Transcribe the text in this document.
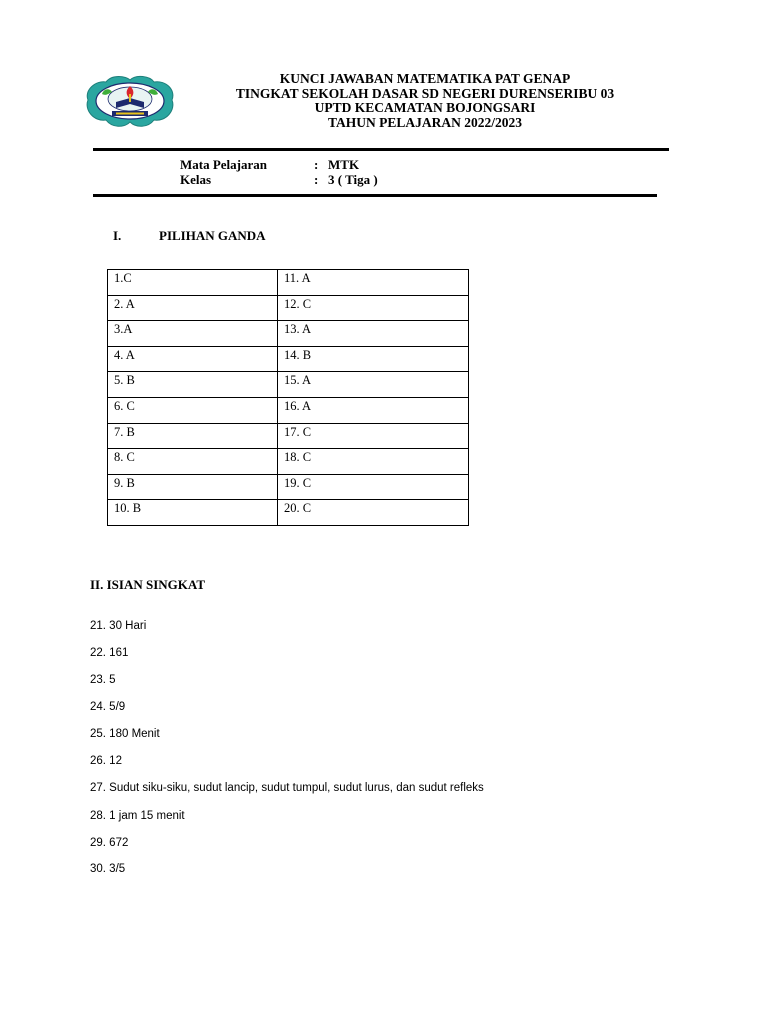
KUNCI JAWABAN MATEMATIKA PAT GENAP
TINGKAT SEKOLAH DASAR SD NEGERI DURENSERIBU 03
UPTD KECAMATAN BOJONGSARI
TAHUN PELAJARAN 2022/2023
Mata Pelajaran	: MTK
Kelas	: 3 ( Tiga )
I.	PILIHAN GANDA
1.C	11. A

2. A	12. C

3.A	13. A

4. A	14. B

5. B	15. A

6. C	16. A

7. B	17. C

8. C	18. C

9. B	19. C

10. B	20. C
II. ISIAN SINGKAT
21. 30 Hari
22. 161
23. 5
24. 5/9
25. 180 Menit
26. 12
27. Sudut siku-siku, sudut lancip, sudut tumpul, sudut lurus, dan sudut refleks
28. 1 jam 15 menit
29. 672
30. 3/5
